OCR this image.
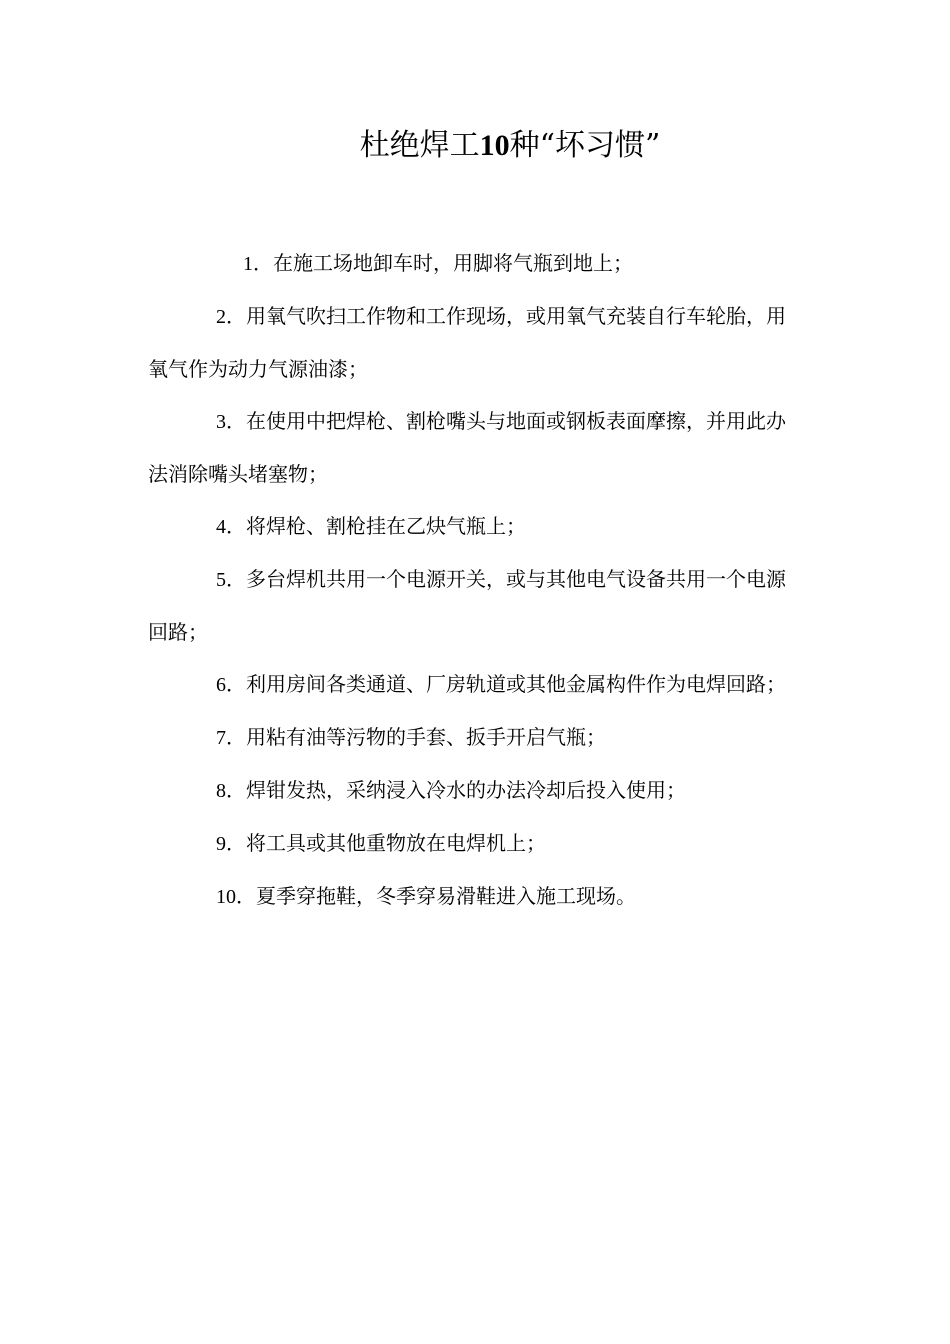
杜绝焊工10种“坏习惯”

1．在施工场地卸车时，用脚将气瓶到地上；

2．用氧气吹扫工作物和工作现场，或用氧气充装自行车轮胎，用氧气作为动力气源油漆；

3．在使用中把焊枪、割枪嘴头与地面或钢板表面摩擦，并用此办法消除嘴头堵塞物；

4．将焊枪、割枪挂在乙炔气瓶上；

5．多台焊机共用一个电源开关，或与其他电气设备共用一个电源回路；

6．利用房间各类通道、厂房轨道或其他金属构件作为电焊回路；

7．用粘有油等污物的手套、扳手开启气瓶；

8．焊钳发热，采纳浸入冷水的办法冷却后投入使用；

9．将工具或其他重物放在电焊机上；

10．夏季穿拖鞋，冬季穿易滑鞋进入施工现场。
